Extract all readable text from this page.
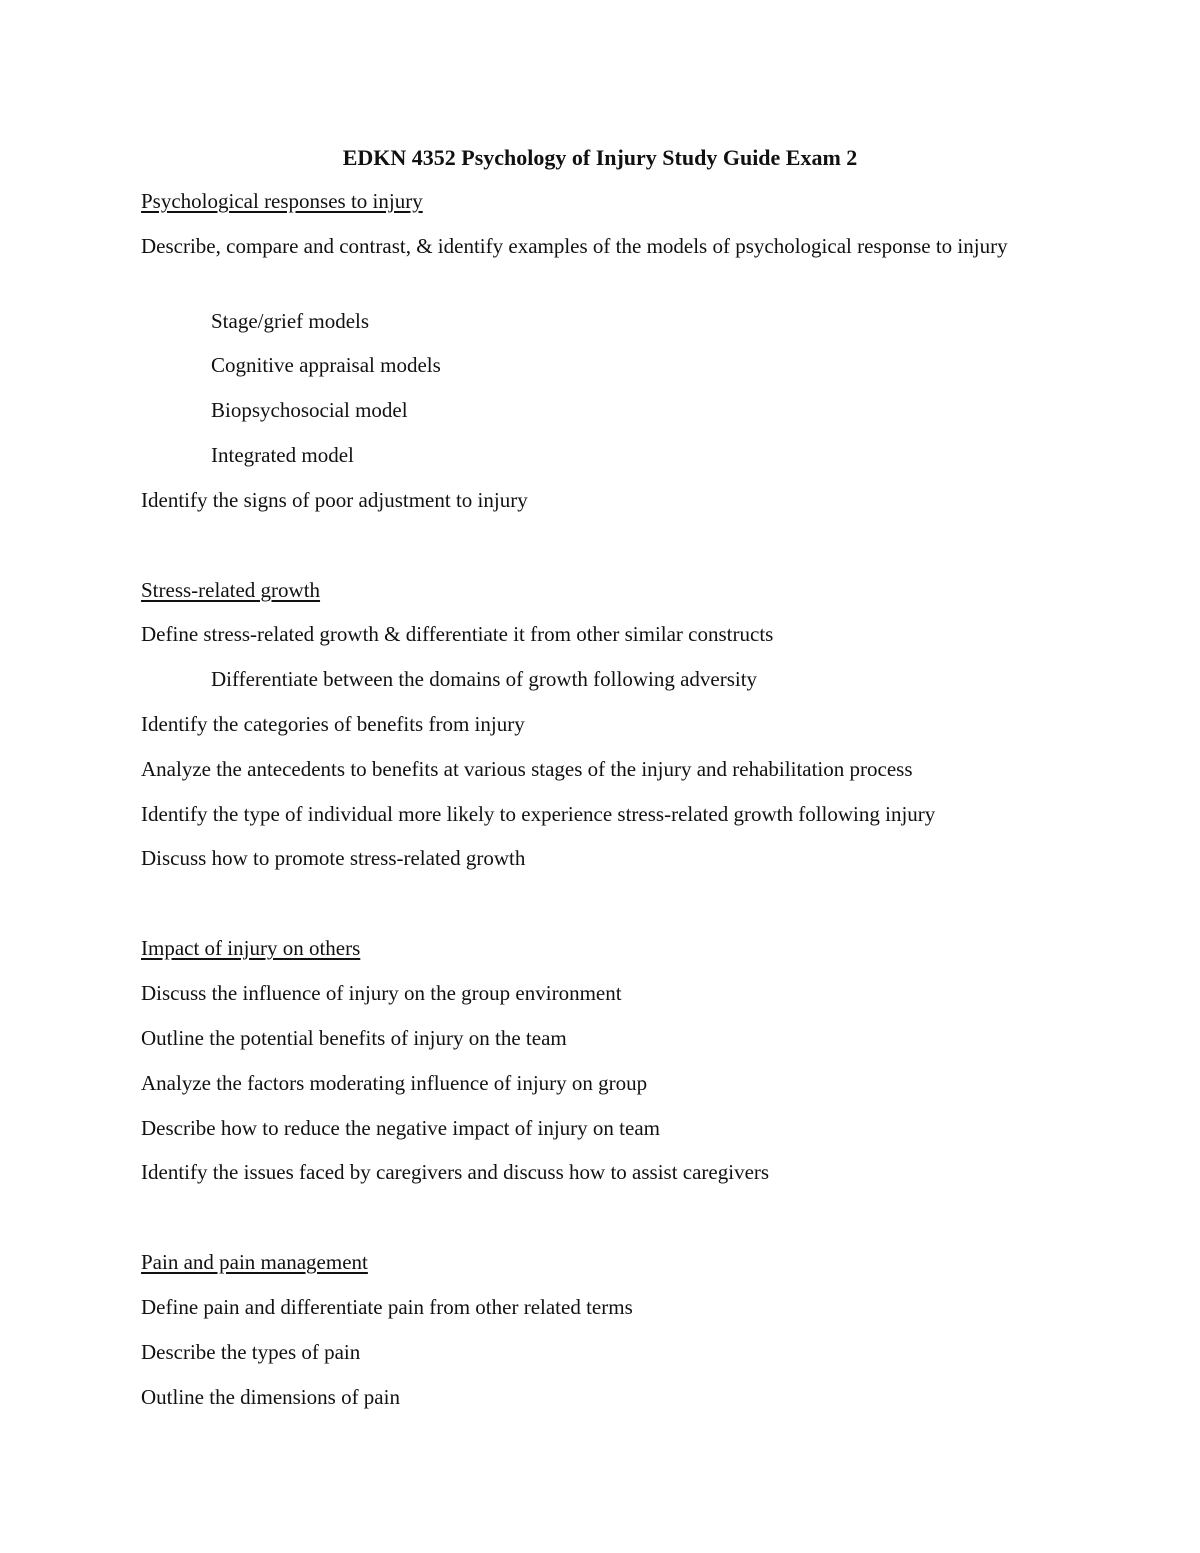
EDKN 4352 Psychology of Injury Study Guide Exam 2
Psychological responses to injury
Describe, compare and contrast, & identify examples of the models of psychological response to injury
Stage/grief models
Cognitive appraisal models
Biopsychosocial model
Integrated model
Identify the signs of poor adjustment to injury
Stress-related growth
Define stress-related growth & differentiate it from other similar constructs
Differentiate between the domains of growth following adversity
Identify the categories of benefits from injury
Analyze the antecedents to benefits at various stages of the injury and rehabilitation process
Identify the type of individual more likely to experience stress-related growth following injury
Discuss how to promote stress-related growth
Impact of injury on others
Discuss the influence of injury on the group environment
Outline the potential benefits of injury on the team
Analyze the factors moderating influence of injury on group
Describe how to reduce the negative impact of injury on team
Identify the issues faced by caregivers and discuss how to assist caregivers
Pain and pain management
Define pain and differentiate pain from other related terms
Describe the types of pain
Outline the dimensions of pain
